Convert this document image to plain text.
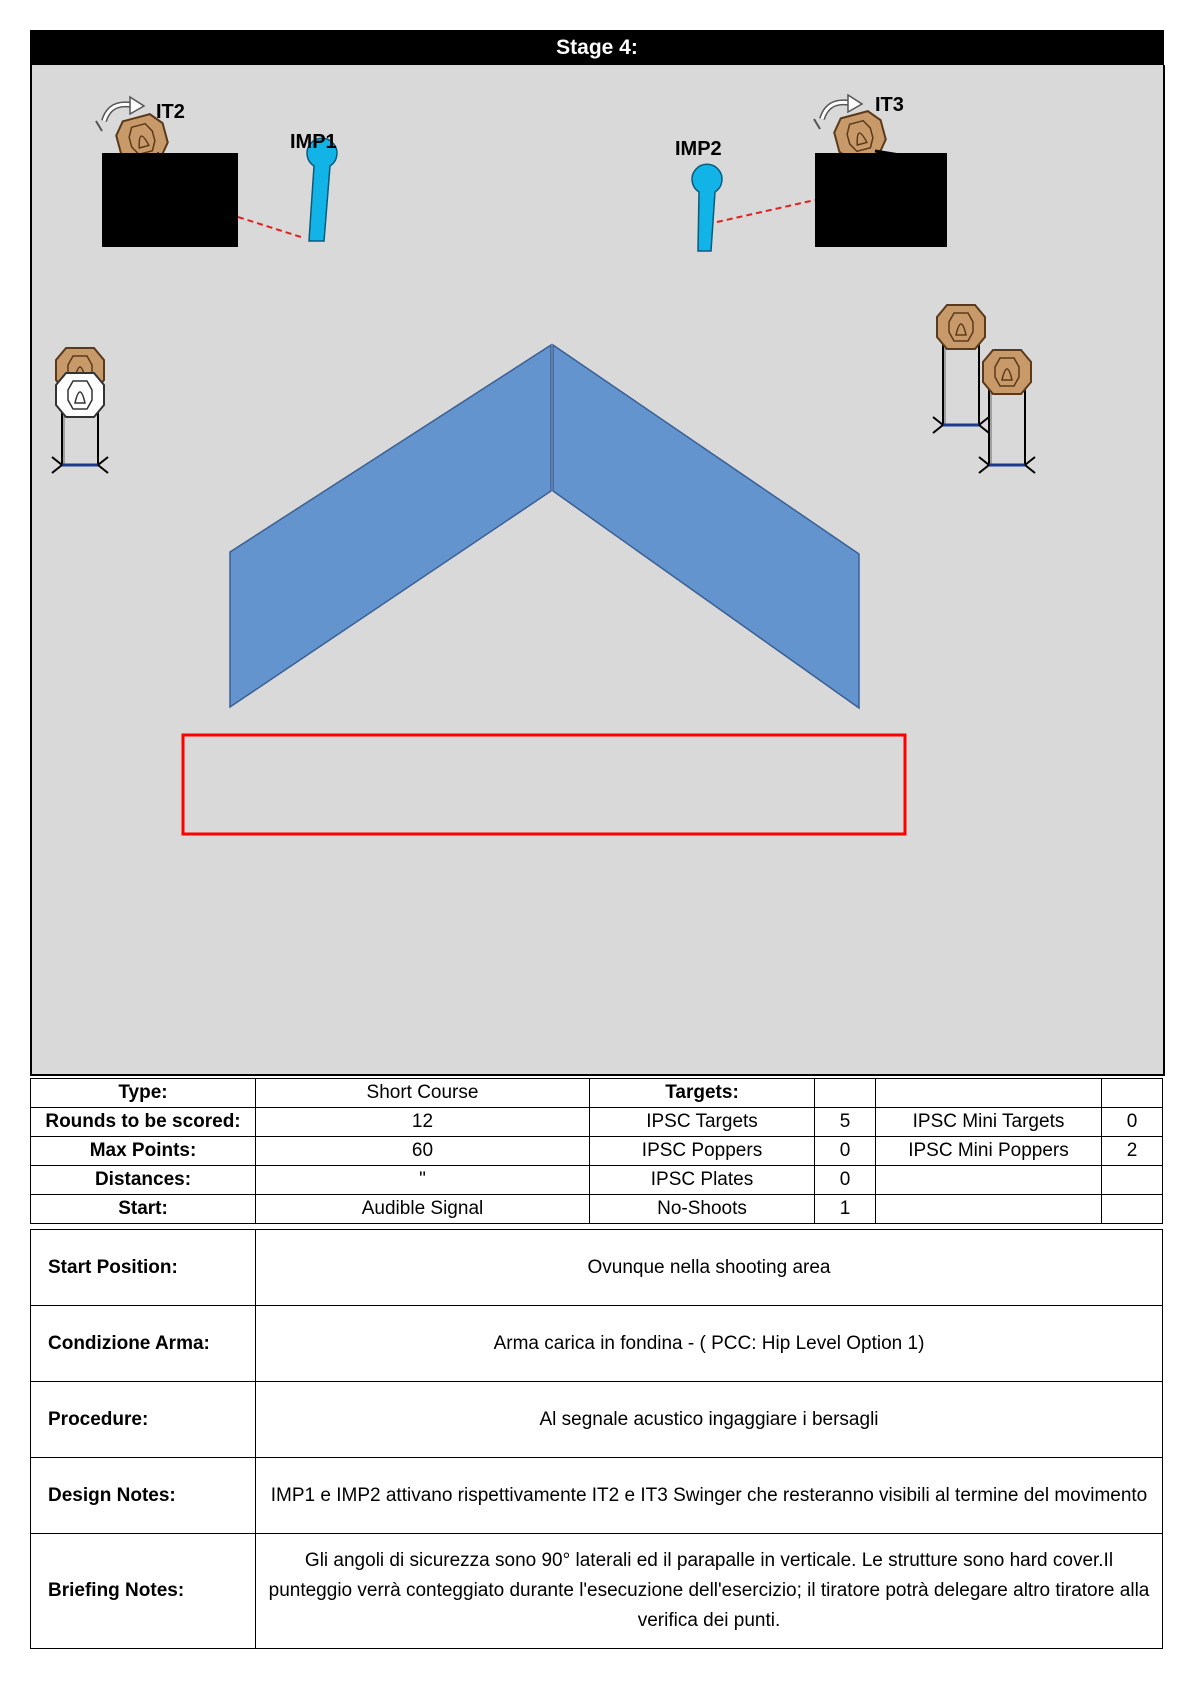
Stage 4:
IT2	IT3
IMP1	IMP2
Type:	Short Course	Targets:			
Rounds to be scored:	12	IPSC Targets	5	IPSC Mini Targets	0
Max Points:	60	IPSC Poppers	0	IPSC Mini Poppers	2
Distances:	"	IPSC Plates	0		
Start:	Audible Signal	No-Shoots	1		
Start Position:	Ovunque nella shooting area
Condizione Arma:	Arma carica in fondina - ( PCC: Hip Level Option 1)
Procedure:	Al segnale acustico ingaggiare i bersagli
Design Notes:	IMP1 e IMP2 attivano rispettivamente IT2 e IT3 Swinger che resteranno visibili al termine del movimento
Briefing Notes:	Gli angoli di sicurezza sono 90° laterali ed il parapalle in verticale. Le strutture sono hard cover.Il punteggio verrà conteggiato durante l'esecuzione dell'esercizio; il tiratore potrà delegare altro tiratore alla verifica dei punti.
